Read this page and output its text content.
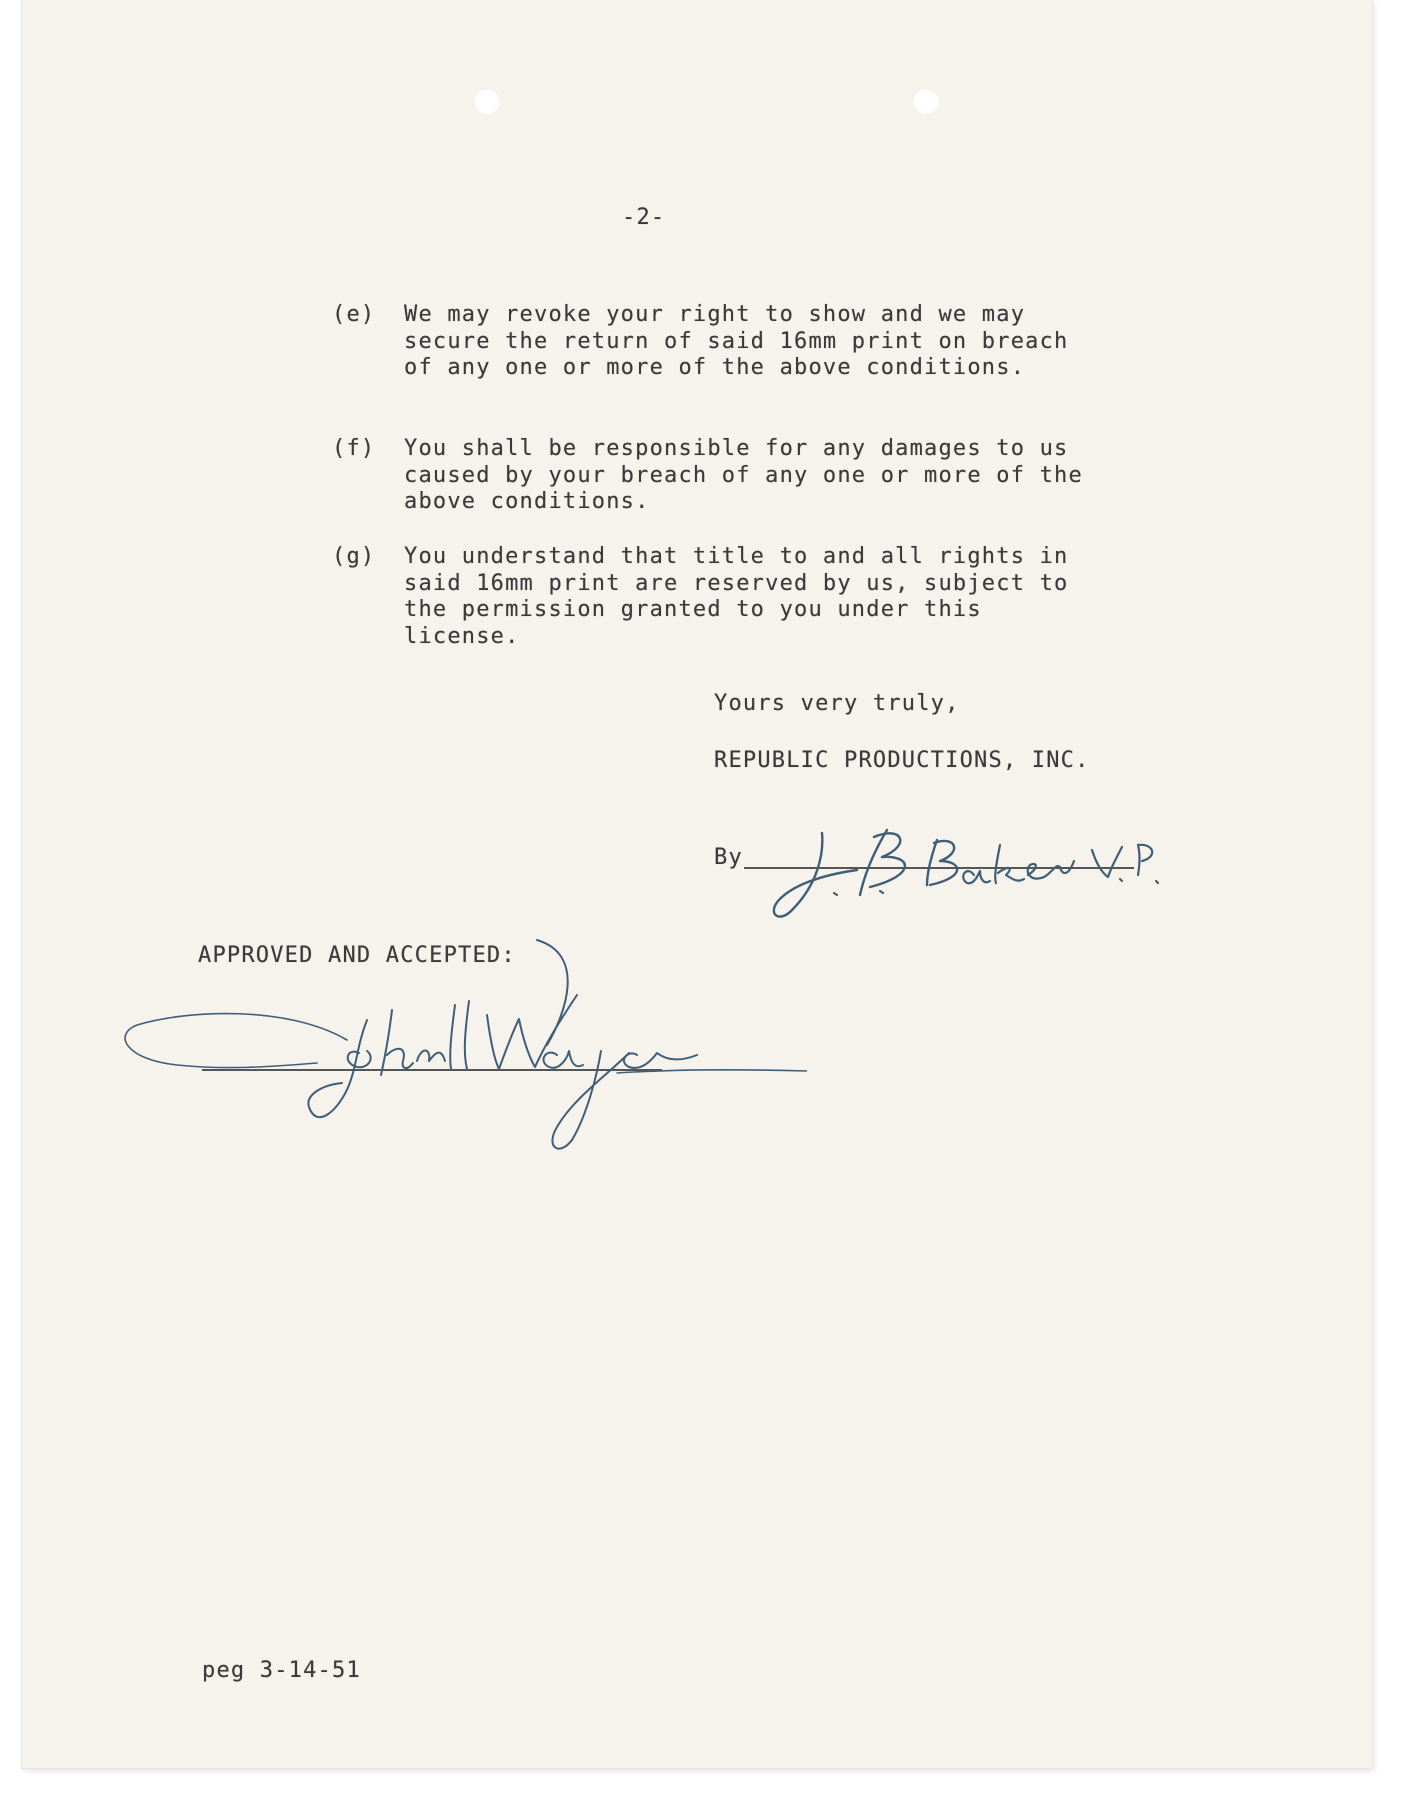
-2-
(e) We may revoke your right to show and we may secure the return of said 16mm print on breach of any one or more of the above conditions.
(f) You shall be responsible for any damages to us caused by your breach of any one or more of the above conditions.
(g) You understand that title to and all rights in said 16mm print are reserved by us, subject to the permission granted to you under this license.
Yours very truly,
REPUBLIC PRODUCTIONS, INC.
By
APPROVED AND ACCEPTED:
peg 3-14-51
